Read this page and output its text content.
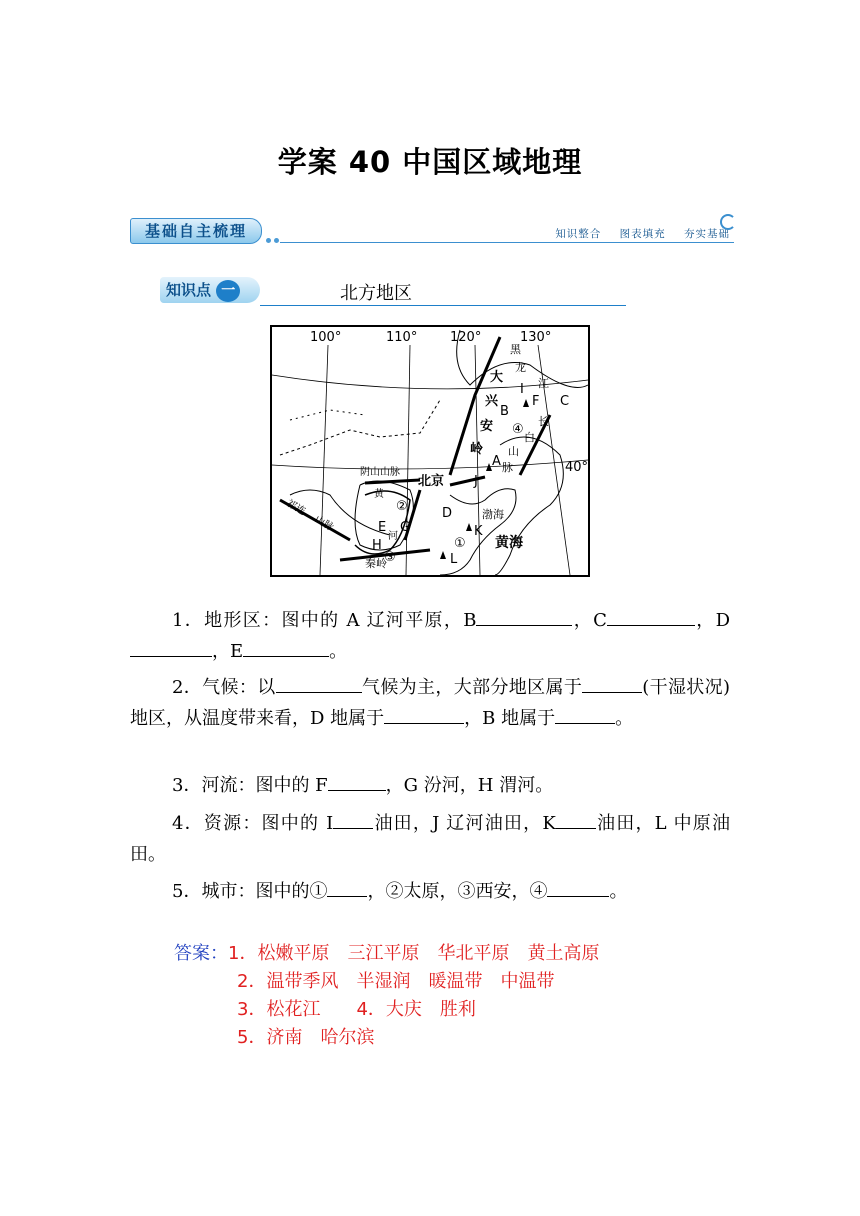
学案 40 中国区域地理
基础自主梳理	知识整合 图表填充 夯实基础
知识点 一	北方地区
100°	110°	120°	130°
40°
黑
龙
江
长
白
山
脉
渤海
秦岭
大
兴
安
岭
黄海
阴山山脉
祁连
山脉
黄
河
北京
A
B
C
D
E
F
G
H
I
J
K
L
①
②
③
④

1．地形区：图中的 A 辽河平原，B	，C	，D，E	。

2．气候：以	气候为主，大部分地区属于	(干湿状况)地区，从温度带来看，D 地属于	，B 地属于	。

3．河流：图中的 F	，G 汾河，H 渭河。

4．资源：图中的 I 油田，J 辽河油田，K 油田，L 中原油田。

5．城市：图中的① ，②太原，③西安，④	。

答案：1．松嫩平原　三江平原　华北平原　黄土高原
2．温带季风　半湿润　暖温带　中温带
3．松花江　　4．大庆　胜利
5．济南　哈尔滨
